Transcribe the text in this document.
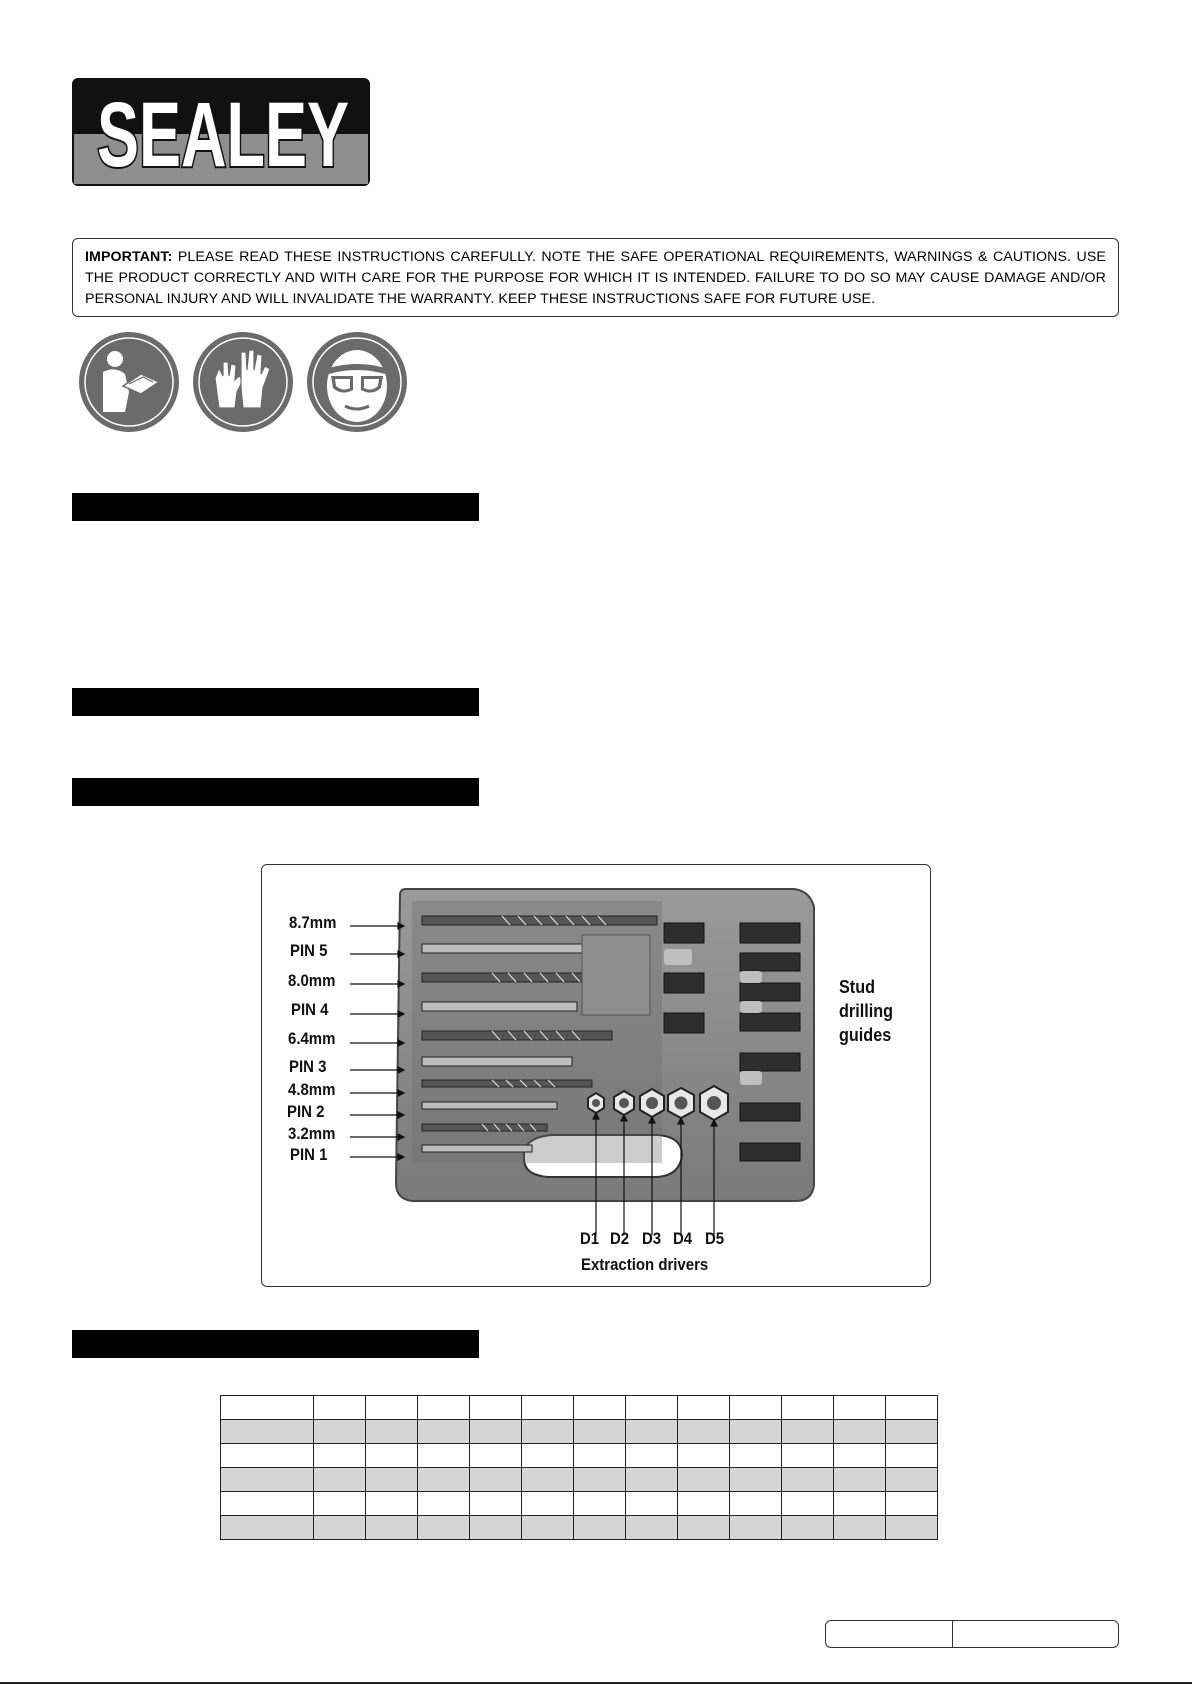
SEALEY
IMPORTANT: PLEASE READ THESE INSTRUCTIONS CAREFULLY. NOTE THE SAFE OPERATIONAL REQUIREMENTS, WARNINGS & CAUTIONS. USE THE PRODUCT CORRECTLY AND WITH CARE FOR THE PURPOSE FOR WHICH IT IS INTENDED. FAILURE TO DO SO MAY CAUSE DAMAGE AND/OR PERSONAL INJURY AND WILL INVALIDATE THE WARRANTY. KEEP THESE INSTRUCTIONS SAFE FOR FUTURE USE.
8.7mm
PIN 5
8.0mm
PIN 4
6.4mm
PIN 3
4.8mm
PIN 2
3.2mm
PIN 1
Stud
drilling
guides
D1 D2 D3 D4 D5
Extraction drivers
